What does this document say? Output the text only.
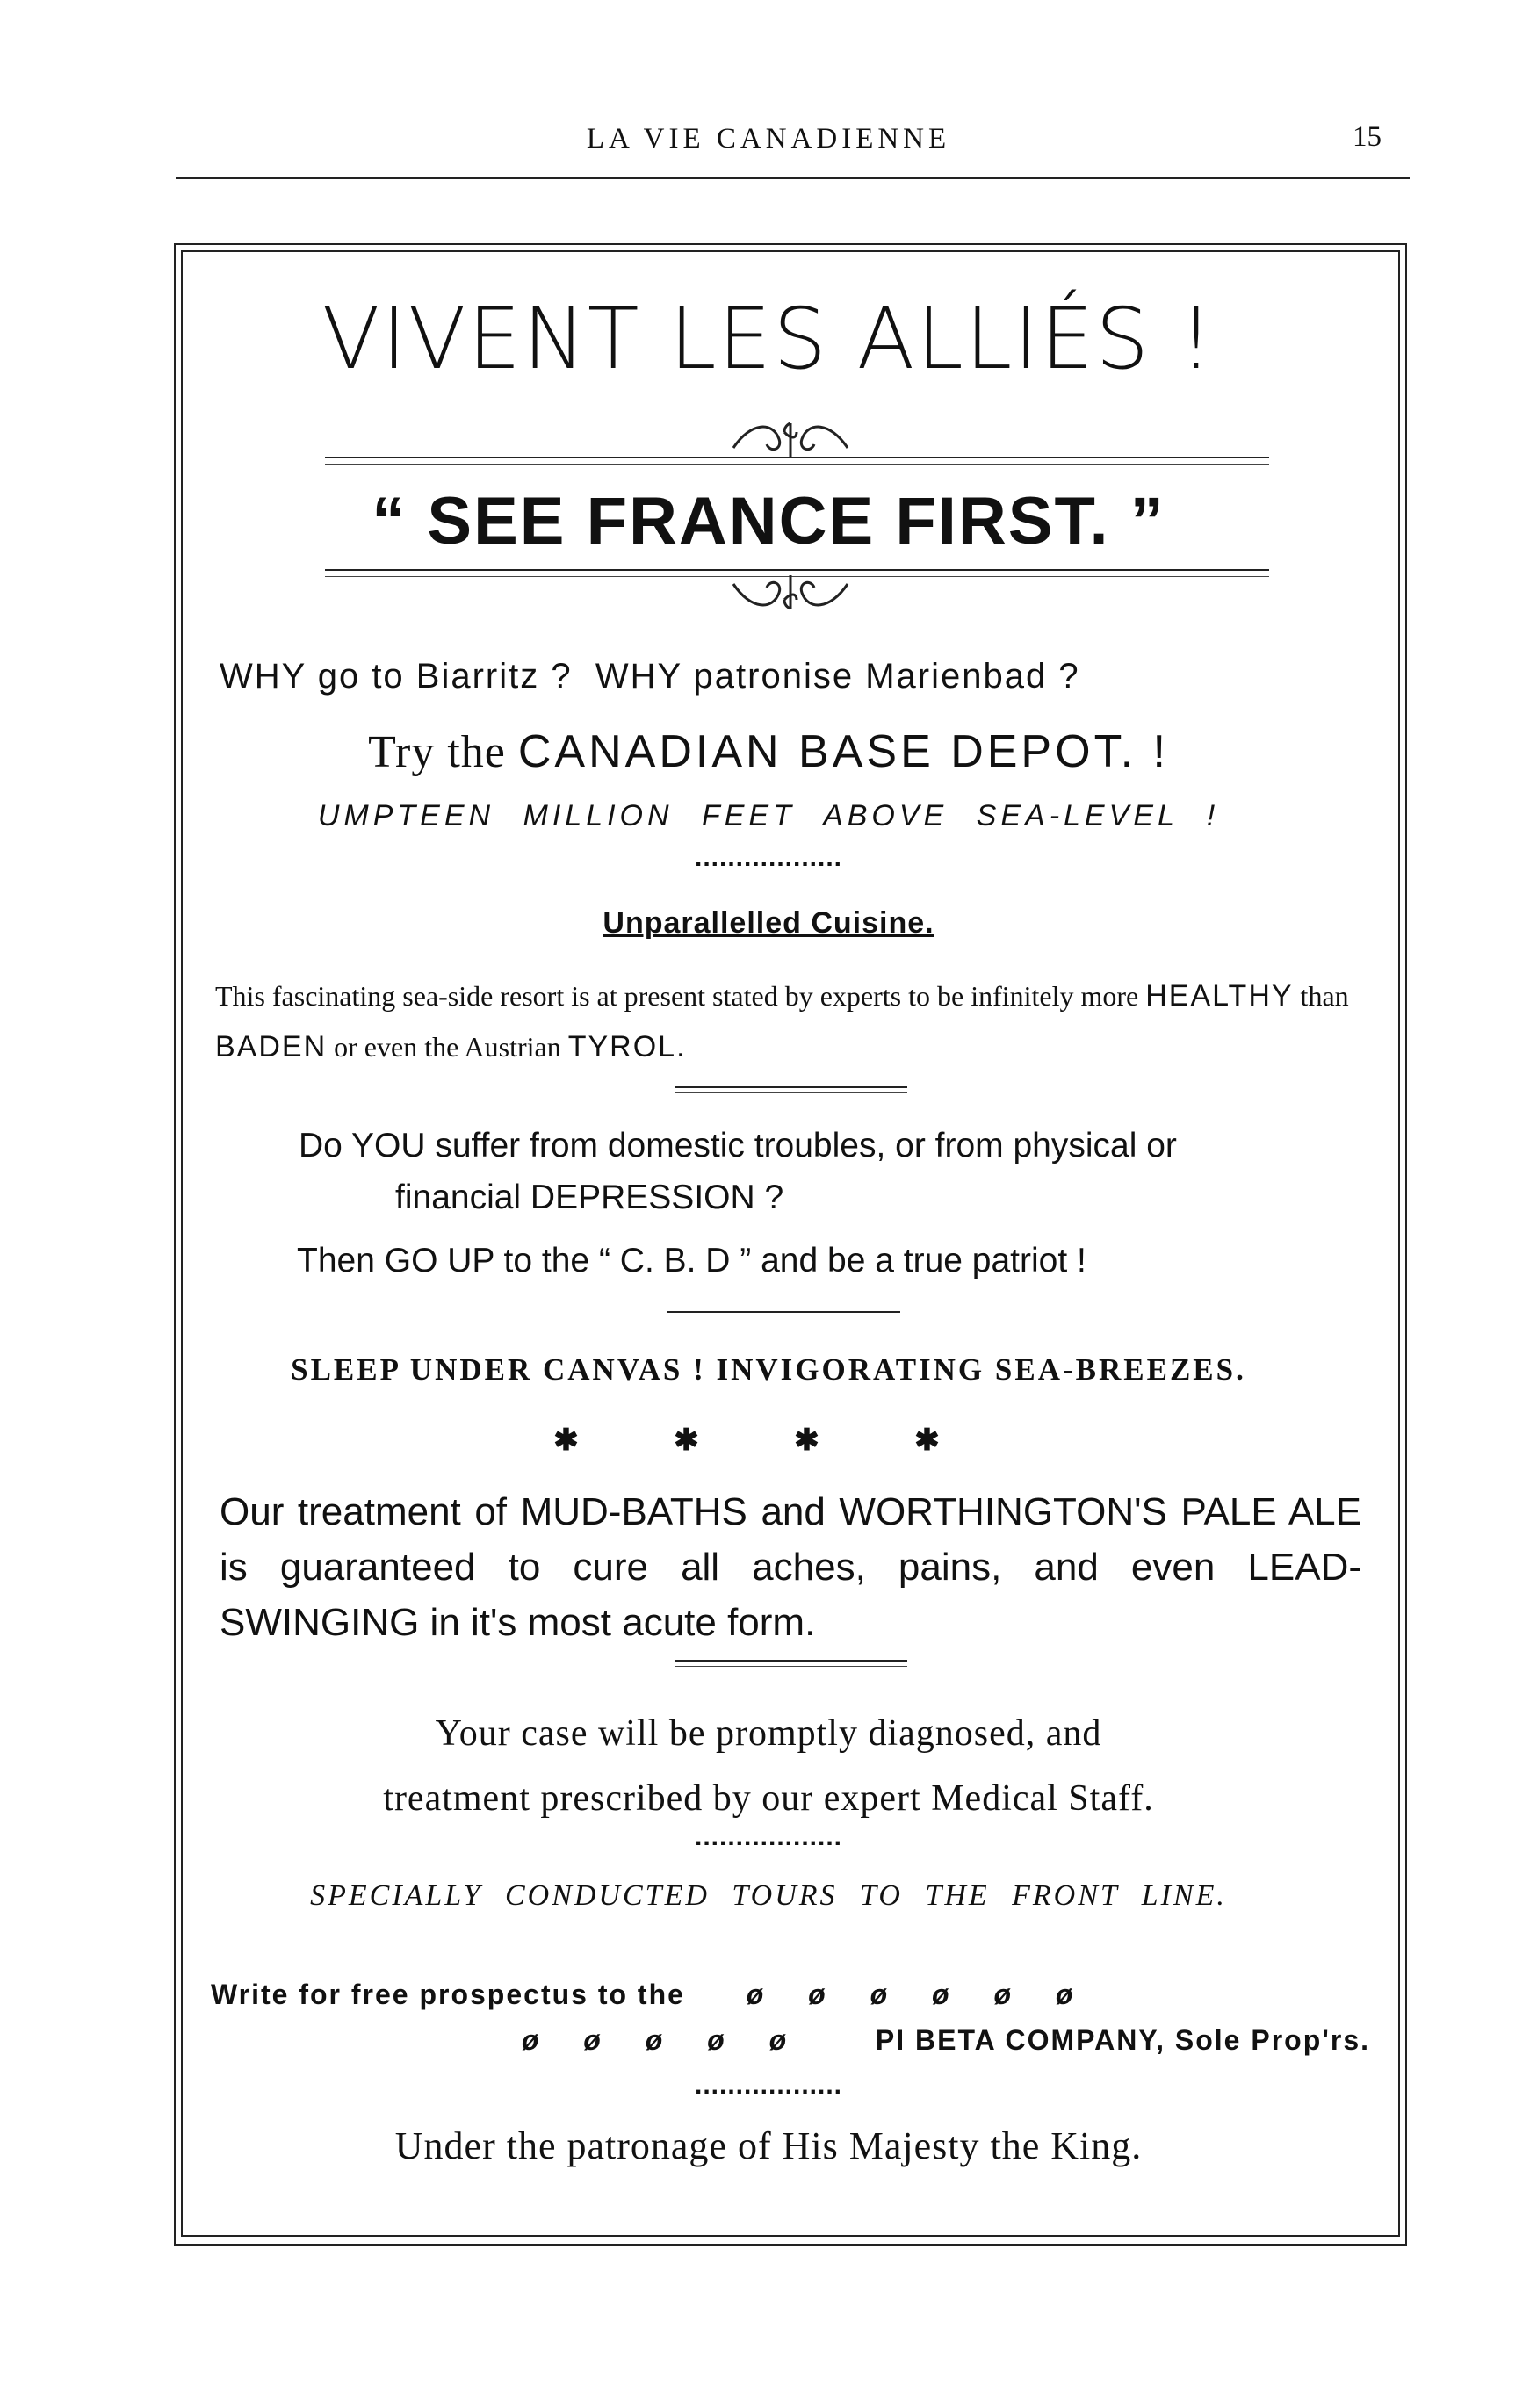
LA VIE CANADIENNE	15
VIVENT LES ALLIÉS !
“ SEE FRANCE FIRST. ”
WHY go to Biarritz ?  WHY patronise Marienbad ?
Try the CANADIAN BASE DEPOT. !
UMPTEEN MILLION FEET ABOVE SEA-LEVEL !
..................
Unparallelled Cuisine.
This fascinating sea-side resort is at present stated by experts to be infinitely more HEALTHY than BADEN or even the Austrian TYROL.
Do YOU suffer from domestic troubles, or from physical or
financial DEPRESSION ?
Then GO UP to the “ C. B. D ” and be a true patriot !
SLEEP UNDER CANVAS ! INVIGORATING SEA-BREEZES.
✱ ✱ ✱ ✱
Our treatment of MUD-BATHS and WORTHINGTON'S PALE ALE is guaranteed to cure all aches, pains, and even LEAD-SWINGING in it's most acute form.
Your case will be promptly diagnosed, and
treatment prescribed by our expert Medical Staff.
..................
SPECIALLY CONDUCTED TOURS TO THE FRONT LINE.
Write for free prospectus to the ø ø ø ø ø ø
ø ø ø ø ø	PI BETA COMPANY, Sole Prop'rs.
..................
Under the patronage of His Majesty the King.
